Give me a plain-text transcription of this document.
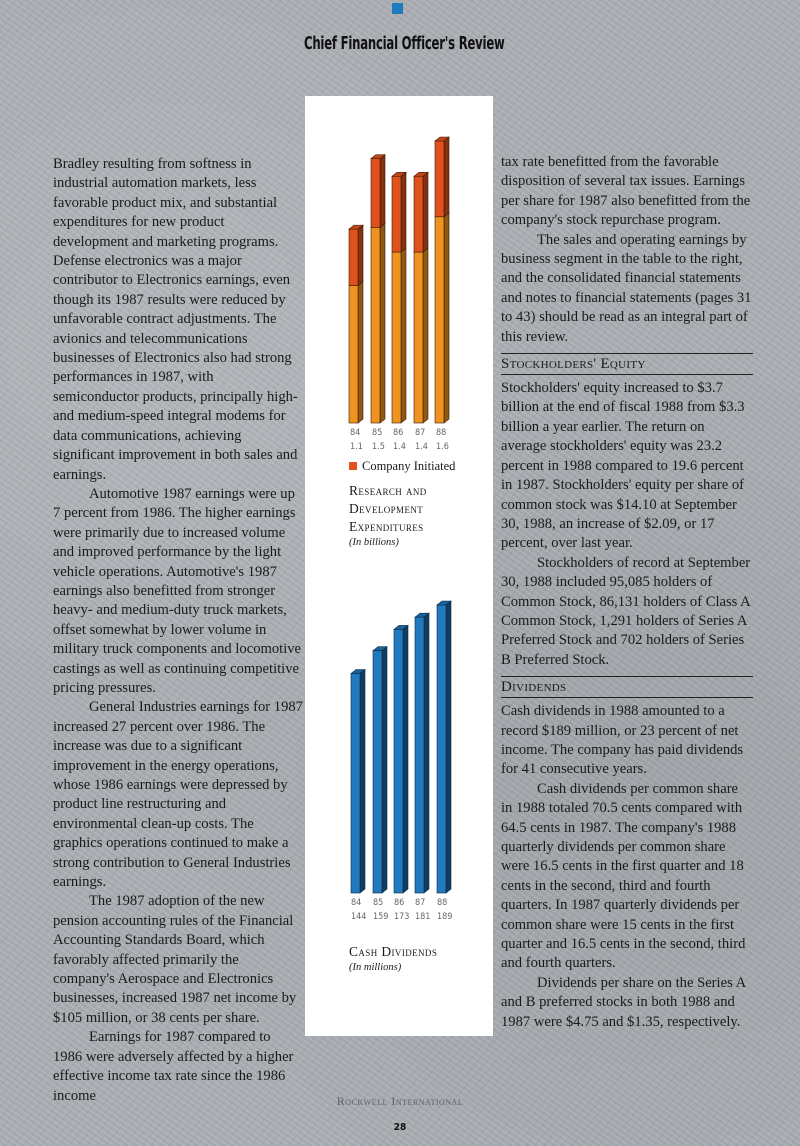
Chief Financial Officer's Review

Bradley resulting from softness in industrial automation markets, less favorable product mix, and substantial expenditures for new product development and marketing programs. Defense electronics was a major contributor to Electronics earnings, even though its 1987 results were reduced by unfavorable contract adjustments. The avionics and telecommunications businesses of Electronics also had strong performances in 1987, with semiconductor products, principally high- and medium-speed integral modems for data communications, achieving significant improvement in both sales and earnings.

Automotive 1987 earnings were up 7 percent from 1986. The higher earnings were primarily due to increased volume and improved performance by the light vehicle operations. Automotive's 1987 earnings also benefitted from stronger heavy- and medium-duty truck markets, offset somewhat by lower volume in military truck components and locomotive castings as well as continuing competitive pricing pressures.

General Industries earnings for 1987 increased 27 percent over 1986. The increase was due to a significant improvement in the energy operations, whose 1986 earnings were depressed by product line restructuring and environmental clean-up costs. The graphics operations continued to make a strong contribution to General Industries earnings.

The 1987 adoption of the new pension accounting rules of the Financial Accounting Standards Board, which favorably affected primarily the company's Aerospace and Electronics businesses, increased 1987 net income by $105 million, or 38 cents per share.

Earnings for 1987 compared to 1986 were adversely affected by a higher effective income tax rate since the 1986 income

84
1.1
85
1.5
86
1.4
87
1.4
88
1.6
84
144
85
159
86
173
87
181
88
189
Company Initiated
Research and Development Expenditures
(In billions)
Cash Dividends
(In millions)

tax rate benefitted from the favorable disposition of several tax issues. Earnings per share for 1987 also benefitted from the company's stock repurchase program.

The sales and operating earnings by business segment in the table to the right, and the consolidated financial statements and notes to financial statements (pages 31 to 43) should be read as an integral part of this review.

Stockholders' Equity

Stockholders' equity increased to $3.7 billion at the end of fiscal 1988 from $3.3 billion a year earlier. The return on average stockholders' equity was 23.2 percent in 1988 compared to 19.6 percent in 1987. Stockholders' equity per share of common stock was $14.10 at September 30, 1988, an increase of $2.09, or 17 percent, over last year.

Stockholders of record at September 30, 1988 included 95,085 holders of Common Stock, 86,131 holders of Class A Common Stock, 1,291 holders of Series A Preferred Stock and 702 holders of Series B Preferred Stock.

Dividends

Cash dividends in 1988 amounted to a record $189 million, or 23 percent of net income. The company has paid dividends for 41 consecutive years.

Cash dividends per common share in 1988 totaled 70.5 cents compared with 64.5 cents in 1987. The company's 1988 quarterly dividends per common share were 16.5 cents in the first quarter and 18 cents in the second, third and fourth quarters. In 1987 quarterly dividends per common share were 15 cents in the first quarter and 16.5 cents in the second, third and fourth quarters.

Dividends per share on the Series A and B preferred stocks in both 1988 and 1987 were $4.75 and $1.35, respectively.

Rockwell International
28
